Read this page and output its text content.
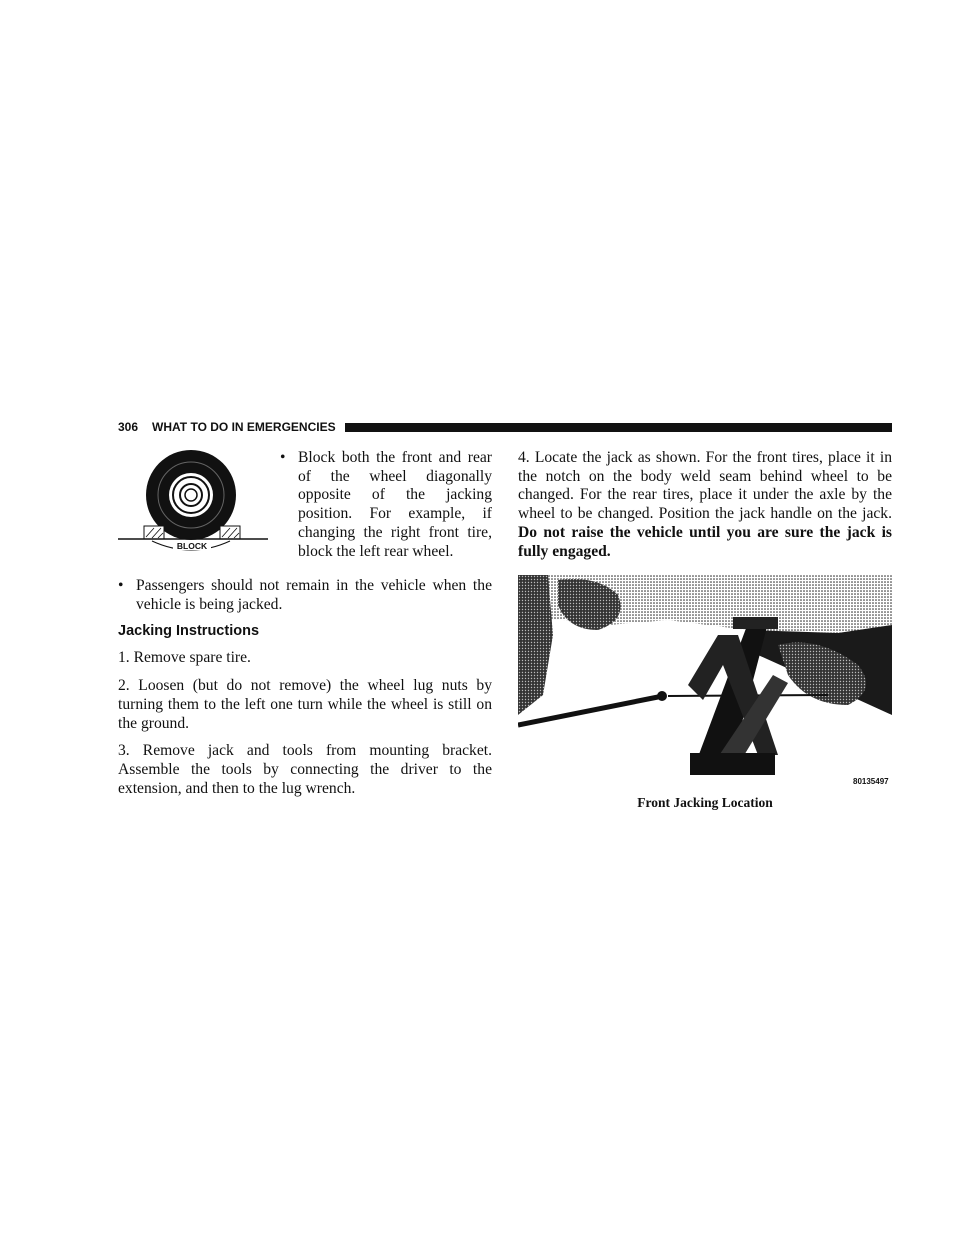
306 WHAT TO DO IN EMERGENCIES
BLOCK
• Block both the front and rear of the wheel diagonally opposite of the jacking position. For example, if changing the right front tire, block the left rear wheel.

• Passengers should not remain in the vehicle when the vehicle is being jacked.

Jacking Instructions

1. Remove spare tire.

2. Loosen (but do not remove) the wheel lug nuts by turning them to the left one turn while the wheel is still on the ground.

3. Remove jack and tools from mounting bracket. Assemble the tools by connecting the driver to the extension, and then to the lug wrench.

4. Locate the jack as shown. For the front tires, place it in the notch on the body weld seam behind wheel to be changed. For the rear tires, place it under the axle by the wheel to be changed. Position the jack handle on the jack. Do not raise the vehicle until you are sure the jack is fully engaged.

80135497
Front Jacking Location
